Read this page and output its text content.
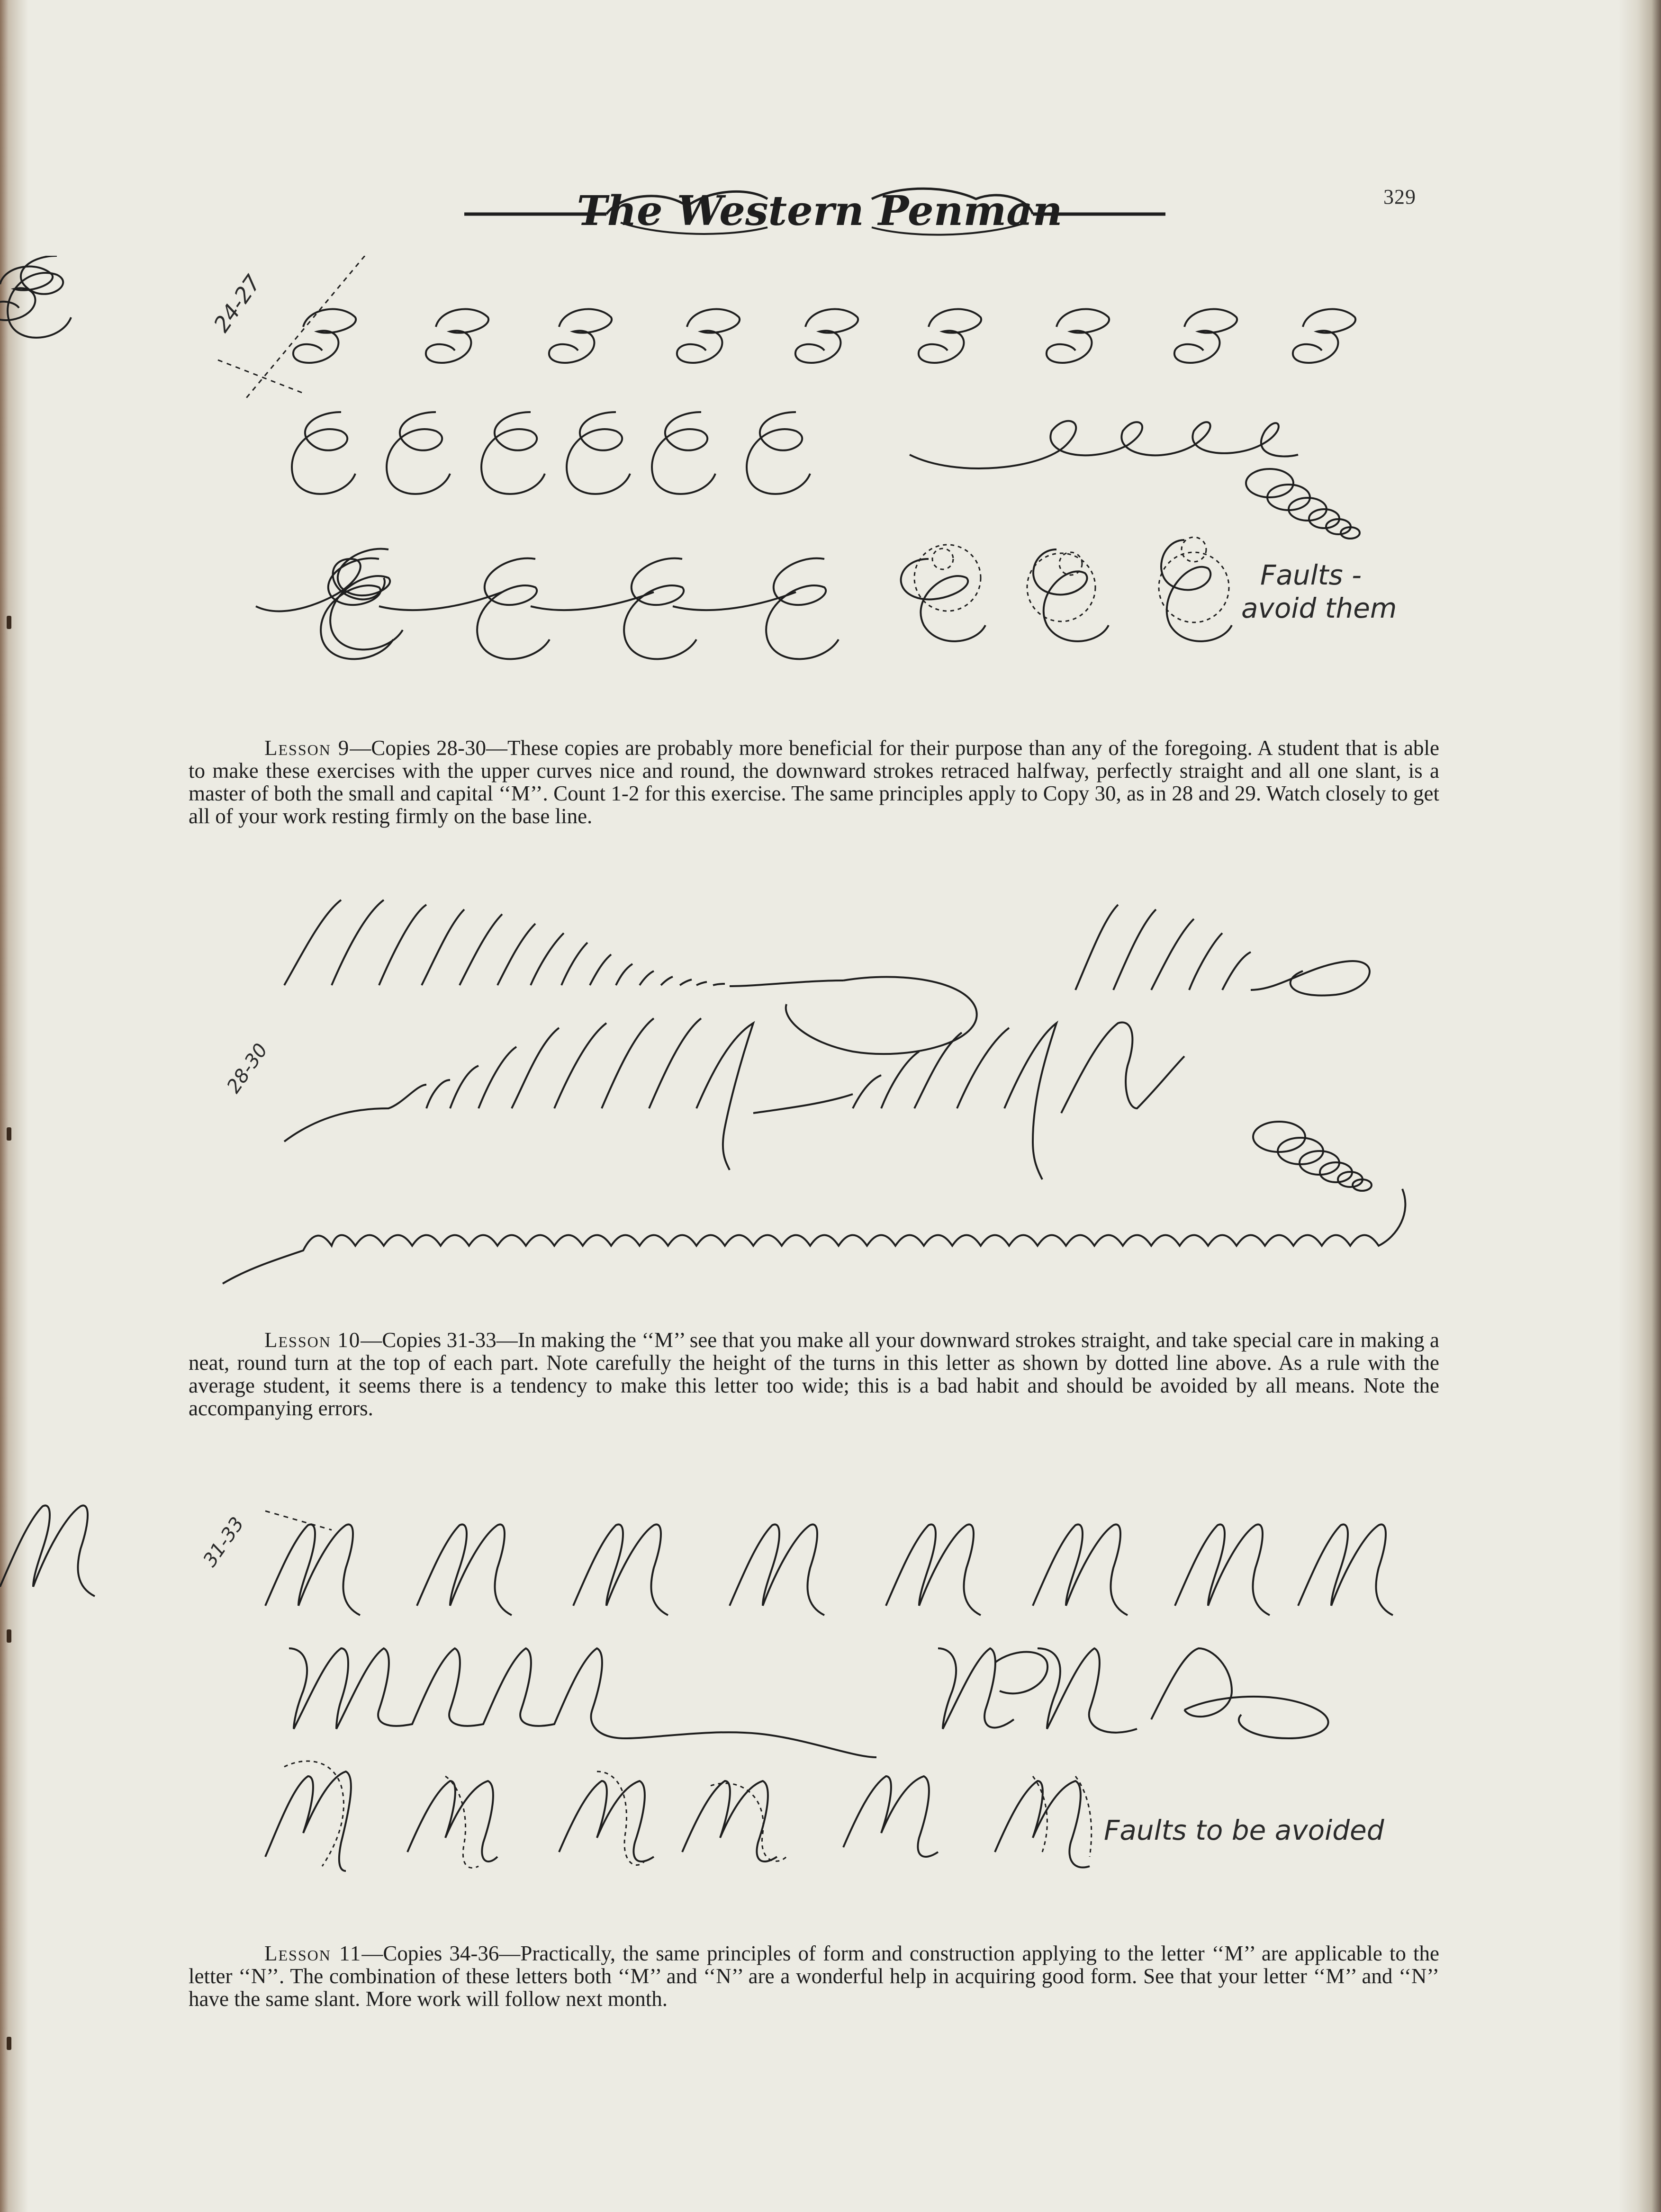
The Western Penman	329
24-27
Faults -
avoid them
Lesson 9—Copies 28-30—These copies are probably more beneficial for their purpose than any of the foregoing. A student that is able to make these exercises with the upper curves nice and round, the downward strokes retraced halfway, perfectly straight and all one slant, is a master of both the small and capital ‘‘M’’. Count 1-2 for this exercise. The same principles apply to Copy 30, as in 28 and 29. Watch closely to get all of your work resting firmly on the base line.
28-30
Lesson 10—Copies 31-33—In making the ‘‘M’’ see that you make all your downward strokes straight, and take special care in making a neat, round turn at the top of each part. Note carefully the height of the turns in this letter as shown by dotted line above. As a rule with the average student, it seems there is a tendency to make this letter too wide; this is a bad habit and should be avoided by all means. Note the accompanying errors.
31-33
Faults to be avoided
Lesson 11—Copies 34-36—Practically, the same principles of form and construction applying to the letter ‘‘M’’ are applicable to the letter ‘‘N’’. The combination of these letters both ‘‘M’’ and ‘‘N’’ are a wonderful help in acquiring good form. See that your letter ‘‘M’’ and ‘‘N’’ have the same slant. More work will follow next month.
